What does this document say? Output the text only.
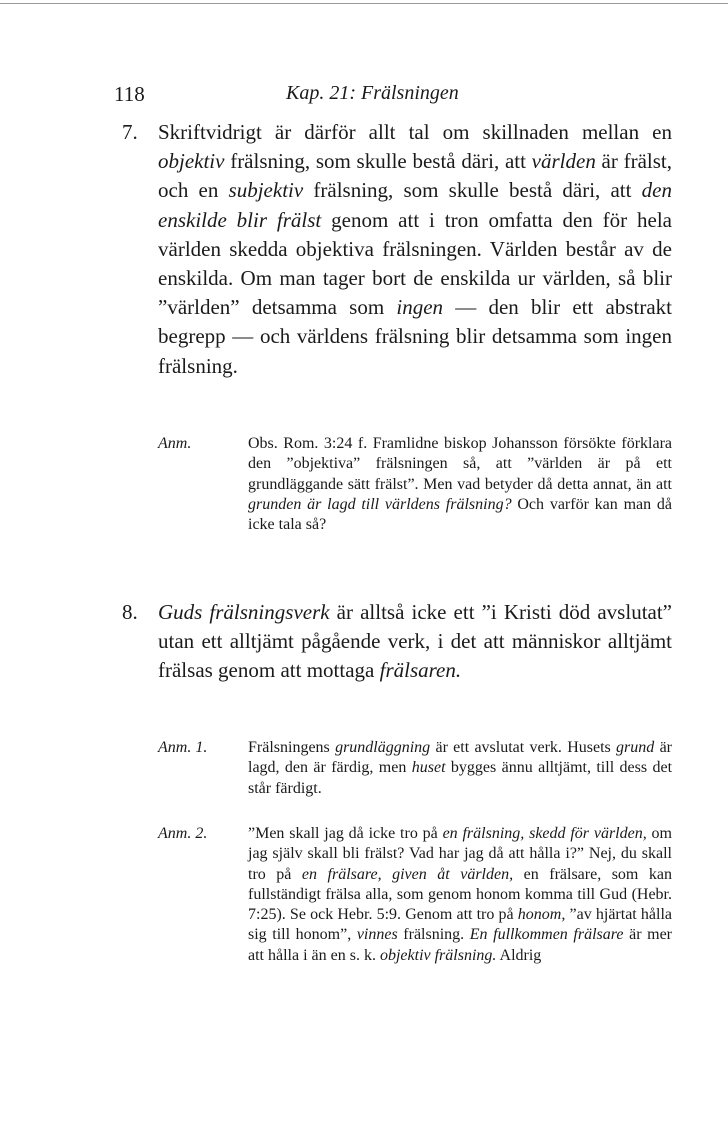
118	Kap. 21: Frälsningen
7. Skriftvidrigt är därför allt tal om skillnaden mellan en objektiv frälsning, som skulle bestå däri, att världen är frälst, och en subjektiv frälsning, som skulle bestå däri, att den enskilde blir frälst genom att i tron omfatta den för hela världen skedda objektiva frälsningen. Världen består av de enskilda. Om man tager bort de enskilda ur världen, så blir ”världen” detsamma som ingen — den blir ett abstrakt begrepp — och världens frälsning blir detsamma som ingen frälsning.
Anm.	Obs. Rom. 3:24 f. Framlidne biskop Johansson försökte förklara den ”objektiva” frälsningen så, att ”världen är på ett grundläggande sätt frälst”. Men vad betyder då detta annat, än att grunden är lagd till världens frälsning? Och varför kan man då icke tala så?
8. Guds frälsningsverk är alltså icke ett ”i Kristi död avslutat” utan ett alltjämt pågående verk, i det att människor alltjämt frälsas genom att mottaga frälsaren.
Anm. 1.	Frälsningens grundläggning är ett avslutat verk. Husets grund är lagd, den är färdig, men huset bygges ännu alltjämt, till dess det står färdigt.
Anm. 2.	”Men skall jag då icke tro på en frälsning, skedd för världen, om jag själv skall bli frälst? Vad har jag då att hålla i?” Nej, du skall tro på en frälsare, given åt världen, en frälsare, som kan fullständigt frälsa alla, som genom honom komma till Gud (Hebr. 7:25). Se ock Hebr. 5:9. Genom att tro på honom, ”av hjärtat hålla sig till honom”, vinnes frälsning. En fullkommen frälsare är mer att hålla i än en s. k. objektiv frälsning. Aldrig
